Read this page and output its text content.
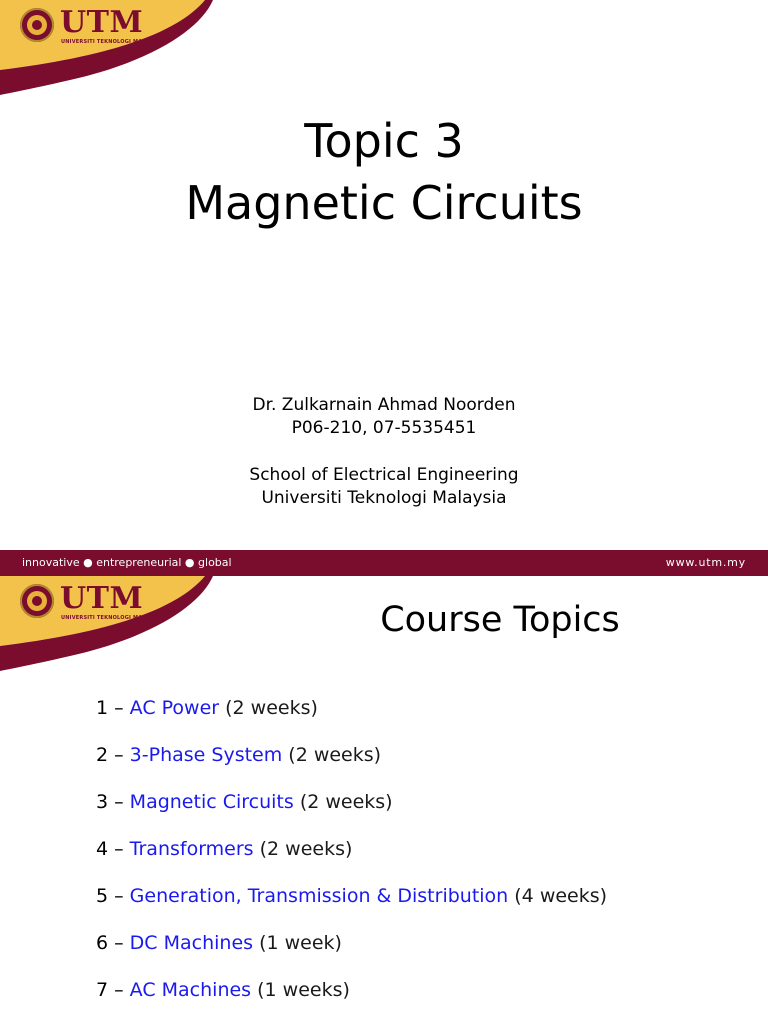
UTM
UNIVERSITI TEKNOLOGI MALAYSIA
Topic 3
Magnetic Circuits
Dr. Zulkarnain Ahmad Noorden
P06-210, 07-5535451
School of Electrical Engineering
Universiti Teknologi Malaysia
innovative ● entrepreneurial ● global	www.utm.my
UTM
UNIVERSITI TEKNOLOGI MALAYSIA	Course Topics
1 – AC Power (2 weeks)
2 – 3-Phase System (2 weeks)
3 – Magnetic Circuits (2 weeks)
4 – Transformers (2 weeks)
5 – Generation, Transmission & Distribution (4 weeks)
6 – DC Machines (1 week)
7 – AC Machines (1 weeks)
